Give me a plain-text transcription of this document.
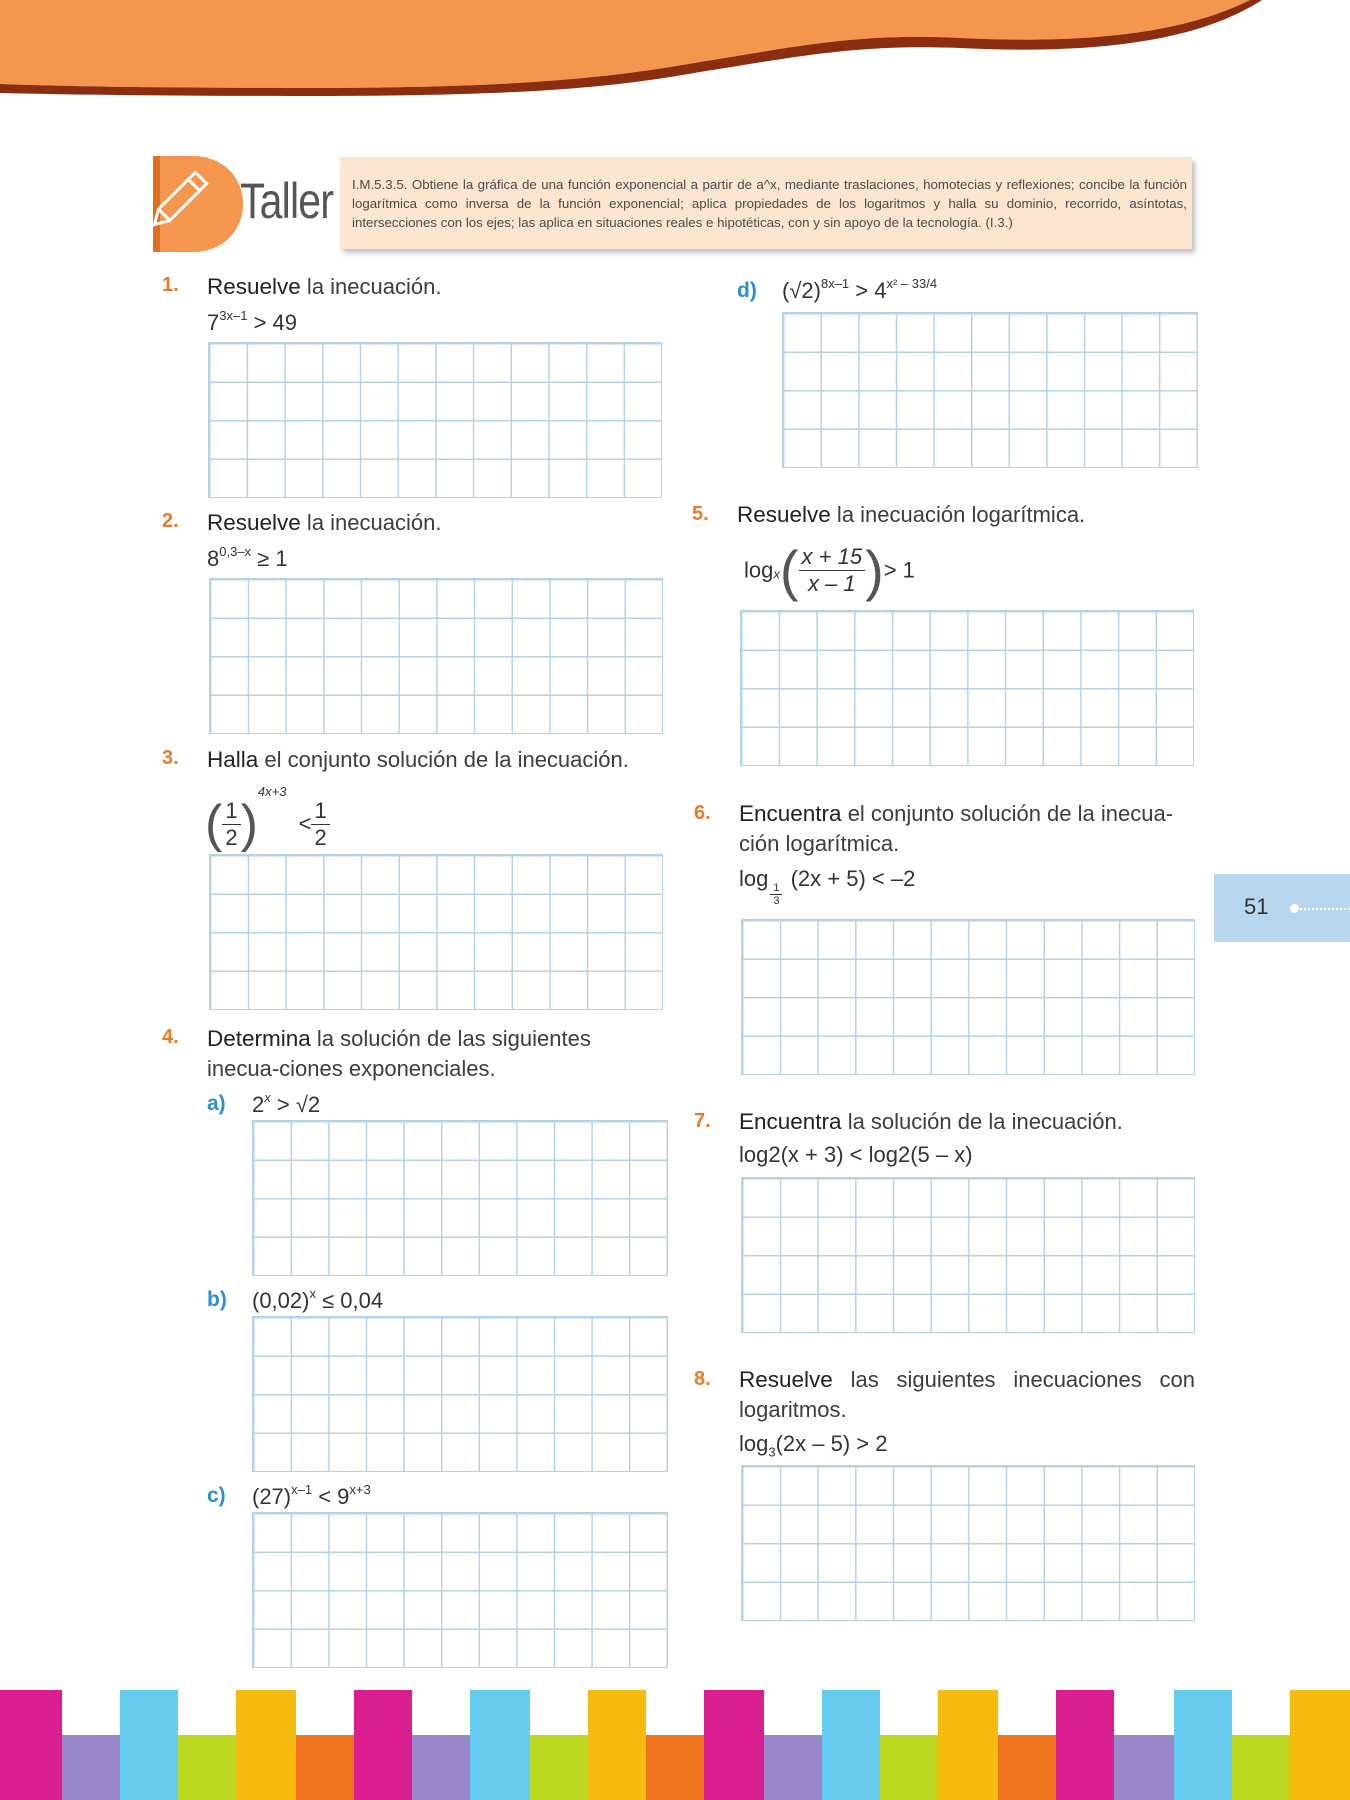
Taller I.M.5.3.5. Obtiene la gráfica de una función exponencial a partir de a^x, mediante traslaciones, homotecias y reflexiones; concibe la función logarítmica como inversa de la función exponencial; aplica propiedades de los logaritmos y halla su dominio, recorrido, asíntotas, intersecciones con los ejes; las aplica en situaciones reales e hipotéticas, con y sin apoyo de la tecnología. (I.3.)
1. Resuelve la inecuación.
$7^{3x-1} > 49$
2. Resuelve la inecuación.
$8^{0,3-x} \ge 1$
3. Halla el conjunto solución de la inecuación.
( $\frac{1}{2} )^{4x+3} < \frac{1}{2}$
4. Determina la solución de las siguientes inecua-ciones exponenciales.
a) $2^x > √2$
b) $(0,02)^x \le 0,04$
c) $(27)^{x-1} < 9^{x+3}$
d) $(√2)^{8x-1} > 4^{x^2 - 33/4}$
5. Resuelve la inecuación logarítmica.
$\log_x( \frac{x + 15}{x - 1}$ )> 1
6. Encuentra el conjunto solución de la inecua-ción logarítmica.
log
$\frac{1}{3}$
(2x + 5) < –2
7. Encuentra la solución de la inecuación.
log2(x + 3) < log2(5 – x)
8. Resuelve las siguientes inecuaciones con logaritmos.
$\log_3(2x - 5) > 2$
51
